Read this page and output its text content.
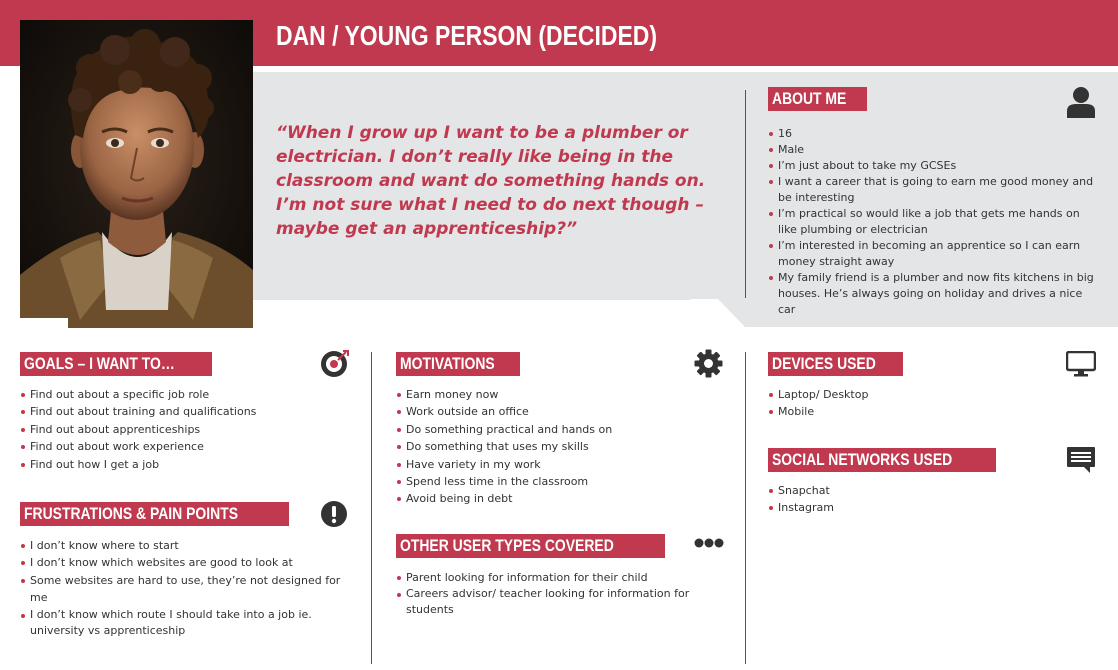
DAN / YOUNG PERSON (DECIDED)

“When I grow up I want to be a plumber or electrician. I don’t really like being in the classroom and want do something hands on. I’m not sure what I need to do next though – maybe get an apprenticeship?”

ABOUT ME
16
Male
I’m just about to take my GCSEs
I want a career that is going to earn me good money and be interesting
I’m practical so would like a job that gets me hands on like plumbing or electrician
I’m interested in becoming an apprentice so I can earn money straight away
My family friend is a plumber and now fits kitchens in big houses. He’s always going on holiday and drives a nice car
GOALS – I WANT TO…
Find out about a specific job role
Find out about training and qualifications
Find out about apprenticeships
Find out about work experience
Find out how I get a job
FRUSTRATIONS & PAIN POINTS
I don’t know where to start
I don’t know which websites are good to look at
Some websites are hard to use, they’re not designed for me
I don’t know which route I should take into a job ie. university vs apprenticeship
MOTIVATIONS
Earn money now
Work outside an office
Do something practical and hands on
Do something that uses my skills
Have variety in my work
Spend less time in the classroom
Avoid being in debt
OTHER USER TYPES COVERED
Parent looking for information for their child
Careers advisor/ teacher looking for information for students
DEVICES USED
Laptop/ Desktop
Mobile
SOCIAL NETWORKS USED
Snapchat
Instagram
